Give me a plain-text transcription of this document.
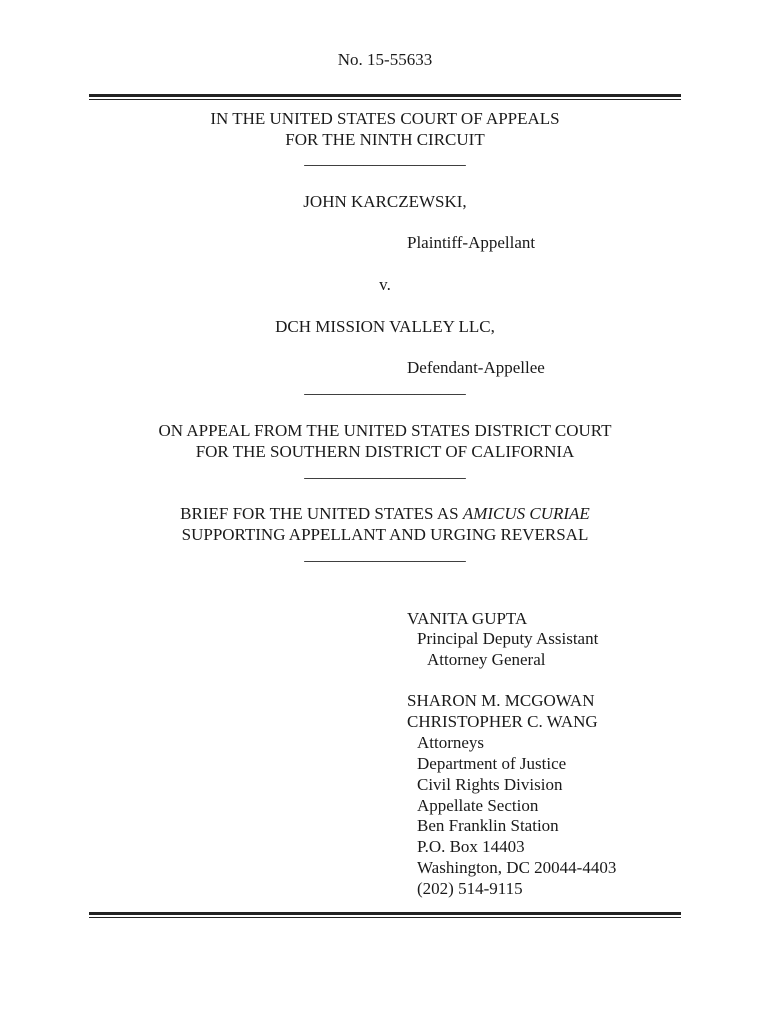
No. 15-55633
IN THE UNITED STATES COURT OF APPEALS
FOR THE NINTH CIRCUIT
___________________
JOHN KARCZEWSKI,
Plaintiff-Appellant
v.
DCH MISSION VALLEY LLC,
Defendant-Appellee
___________________
ON APPEAL FROM THE UNITED STATES DISTRICT COURT
FOR THE SOUTHERN DISTRICT OF CALIFORNIA
___________________
BRIEF FOR THE UNITED STATES AS AMICUS CURIAE
SUPPORTING APPELLANT AND URGING REVERSAL
___________________
VANITA GUPTA
Principal Deputy Assistant
Attorney General
SHARON M. MCGOWAN
CHRISTOPHER C. WANG
Attorneys
Department of Justice
Civil Rights Division
Appellate Section
Ben Franklin Station
P.O. Box 14403
Washington, DC 20044-4403
(202) 514-9115
